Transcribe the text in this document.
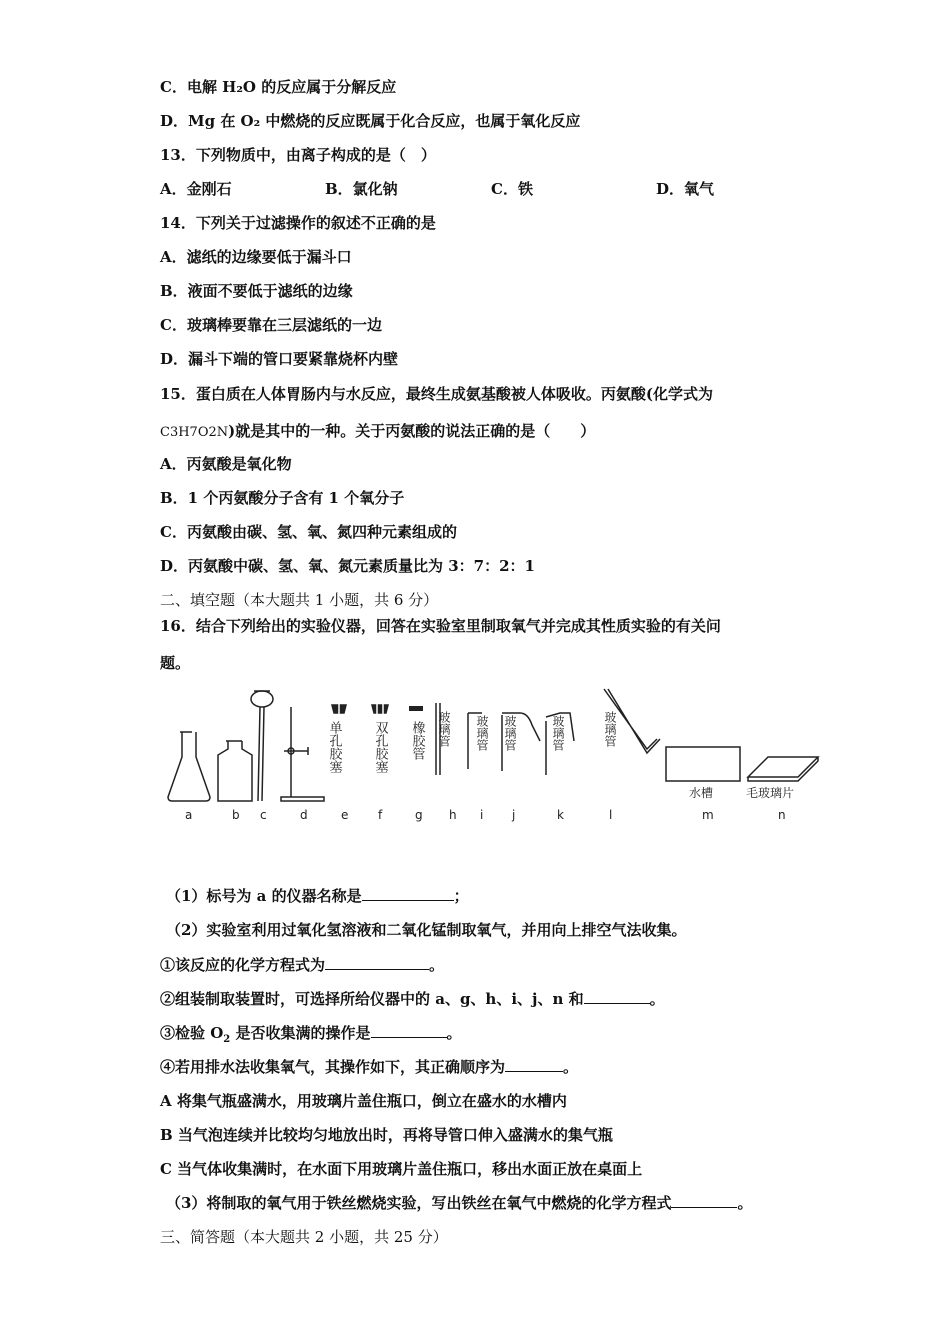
C．电解 H₂O 的反应属于分解反应
D．Mg 在 O₂ 中燃烧的反应既属于化合反应，也属于氧化反应
13．下列物质中，由离子构成的是（　）
A．金刚石	B．氯化钠	C．铁	D．氧气
14．下列关于过滤操作的叙述不正确的是
A．滤纸的边缘要低于漏斗口
B．液面不要低于滤纸的边缘
C．玻璃棒要靠在三层滤纸的一边
D．漏斗下端的管口要紧靠烧杯内壁
15．蛋白质在人体胃肠内与水反应，最终生成氨基酸被人体吸收。丙氨酸(化学式为
C3H7O2N)就是其中的一种。关于丙氨酸的说法正确的是（　　）
A．丙氨酸是氧化物
B．1 个丙氨酸分子含有 1 个氧分子
C．丙氨酸由碳、氢、氧、氮四种元素组成的
D．丙氨酸中碳、氢、氧、氮元素质量比为 3：7：2：1
二、填空题（本大题共 1 小题，共 6 分）
16．结合下列给出的实验仪器，回答在实验室里制取氧气并完成其性质实验的有关问
题。
单孔胶塞 双孔胶塞 橡胶管 玻璃管 玻璃管 玻璃管	玻璃管	玻璃管
水槽	毛玻璃片
a	b c	d	e f	g h i j	k	l	m	n
（1）标号为 a 的仪器名称是	；
（2）实验室利用过氧化氢溶液和二氧化锰制取氧气，并用向上排空气法收集。
①该反应的化学方程式为	。
②组装制取装置时，可选择所给仪器中的 a、g、h、i、j、n 和	。
③检验 $O_2$ 是否收集满的操作是	。
④若用排水法收集氧气，其操作如下，其正确顺序为	。
A 将集气瓶盛满水，用玻璃片盖住瓶口，倒立在盛水的水槽内
B 当气泡连续并比较均匀地放出时，再将导管口伸入盛满水的集气瓶
C 当气体收集满时，在水面下用玻璃片盖住瓶口，移出水面正放在桌面上
（3）将制取的氧气用于铁丝燃烧实验，写出铁丝在氧气中燃烧的化学方程式	。
三、简答题（本大题共 2 小题，共 25 分）
